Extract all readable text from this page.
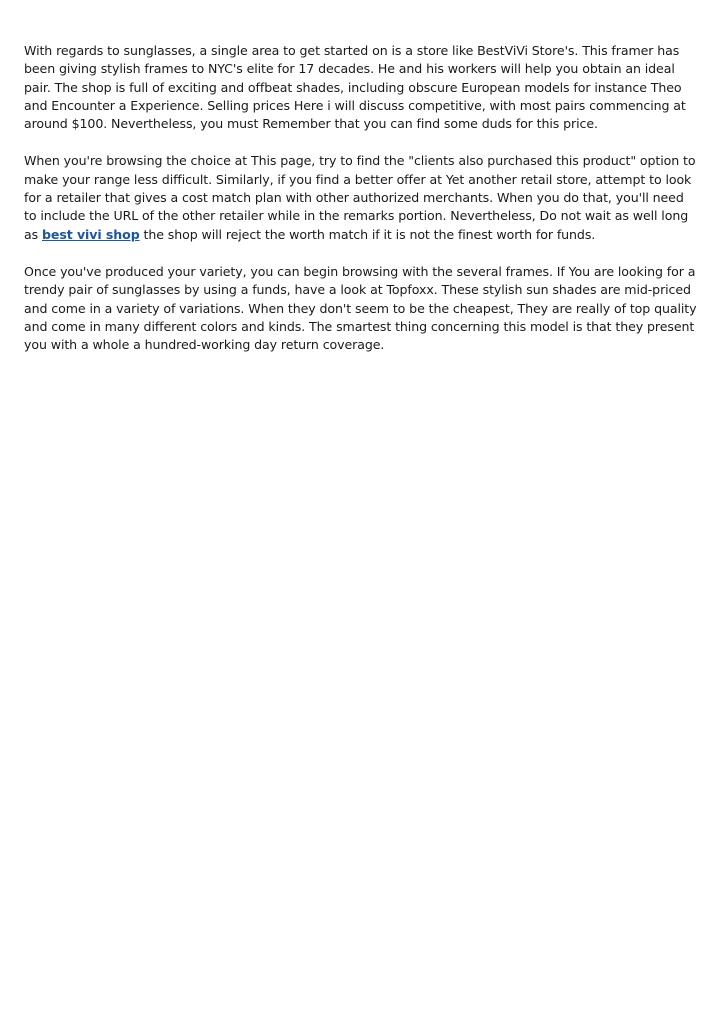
With regards to sunglasses, a single area to get started on is a store like BestViVi Store's. This framer has been giving stylish frames to NYC's elite for 17 decades. He and his workers will help you obtain an ideal pair. The shop is full of exciting and offbeat shades, including obscure European models for instance Theo and Encounter a Experience. Selling prices Here i will discuss competitive, with most pairs commencing at around $100. Nevertheless, you must Remember that you can find some duds for this price.

When you're browsing the choice at This page, try to find the "clients also purchased this product" option to make your range less difficult. Similarly, if you find a better offer at Yet another retail store, attempt to look for a retailer that gives a cost match plan with other authorized merchants. When you do that, you'll need to include the URL of the other retailer while in the remarks portion. Nevertheless, Do not wait as well long as best vivi shop the shop will reject the worth match if it is not the finest worth for funds.

Once you've produced your variety, you can begin browsing with the several frames. If You are looking for a trendy pair of sunglasses by using a funds, have a look at Topfoxx. These stylish sun shades are mid-priced and come in a variety of variations. When they don't seem to be the cheapest, They are really of top quality and come in many different colors and kinds. The smartest thing concerning this model is that they present you with a whole a hundred-working day return coverage.
